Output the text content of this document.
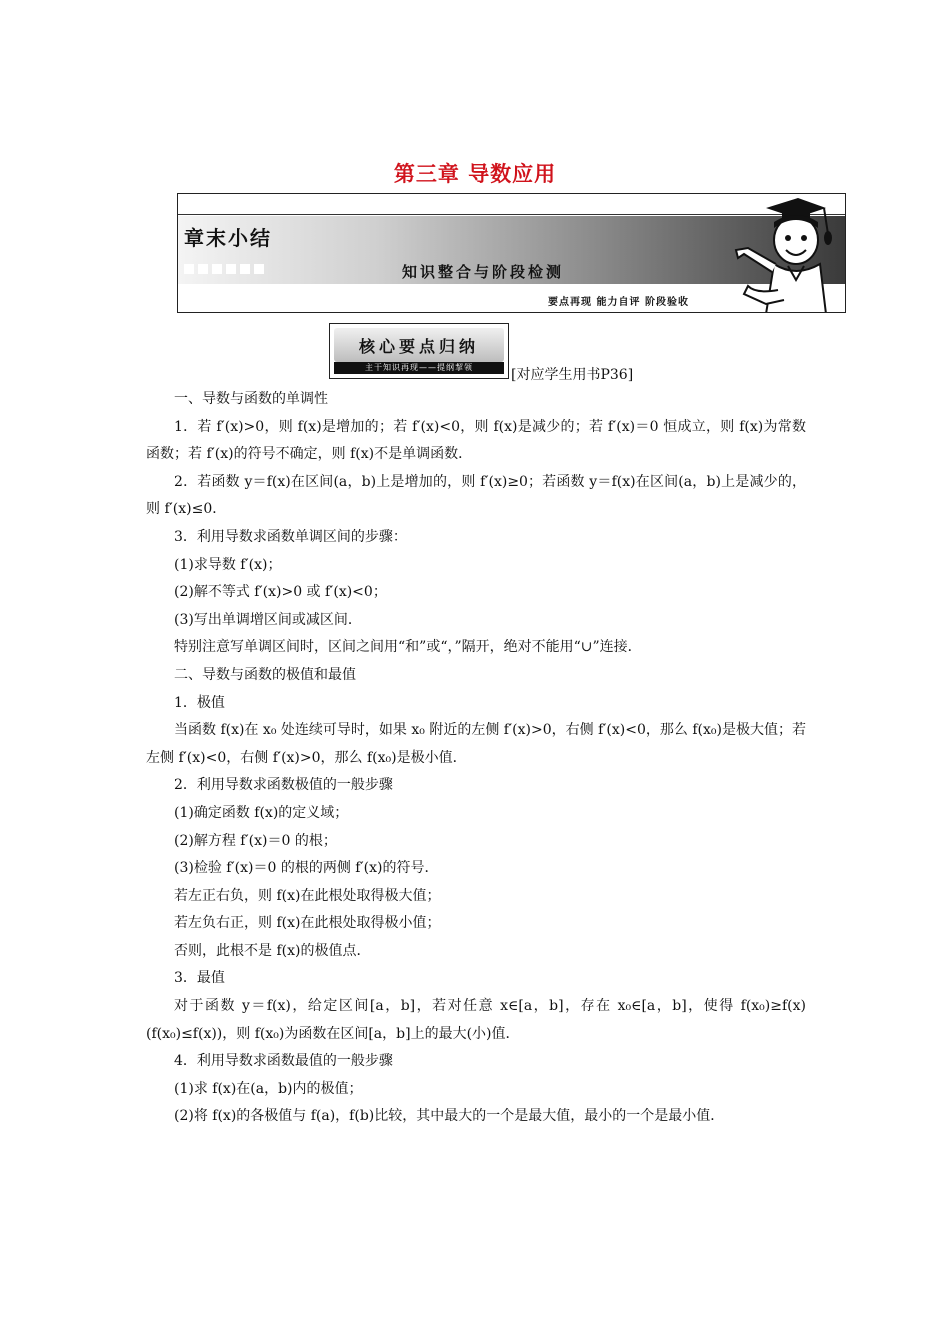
第三章 导数应用
章末小结
知识整合与阶段检测
要点再现 能力自评 阶段验收
核心要点归纳
主干知识再现——提纲挈领	[对应学生用书P36]

一、导数与函数的单调性

1．若 f′(x)>0，则 f(x)是增加的；若 f′(x)<0，则 f(x)是减少的；若 f′(x)＝0 恒成立，则 f(x)为常数函数；若 f′(x)的符号不确定，则 f(x)不是单调函数．

2．若函数 y＝f(x)在区间(a，b)上是增加的，则 f′(x)≥0；若函数 y＝f(x)在区间(a，b)上是减少的，则 f′(x)≤0．

3．利用导数求函数单调区间的步骤：

(1)求导数 f′(x)；

(2)解不等式 f′(x)>0 或 f′(x)<0；

(3)写出单调增区间或减区间．

特别注意写单调区间时，区间之间用“和”或“，”隔开，绝对不能用“∪”连接．

二、导数与函数的极值和最值

1．极值

当函数 f(x)在 x₀ 处连续可导时，如果 x₀ 附近的左侧 f′(x)>0，右侧 f′(x)<0，那么 f(x₀)是极大值；若左侧 f′(x)<0，右侧 f′(x)>0，那么 f(x₀)是极小值．

2．利用导数求函数极值的一般步骤

(1)确定函数 f(x)的定义域；

(2)解方程 f′(x)＝0 的根；

(3)检验 f′(x)＝0 的根的两侧 f′(x)的符号．

若左正右负，则 f(x)在此根处取得极大值；

若左负右正，则 f(x)在此根处取得极小值；

否则，此根不是 f(x)的极值点．

3．最值

对于函数 y＝f(x)，给定区间[a，b]，若对任意 x∈[a，b]，存在 x₀∈[a，b]，使得 f(x₀)≥f(x)(f(x₀)≤f(x))，则 f(x₀)为函数在区间[a，b]上的最大(小)值．

4．利用导数求函数最值的一般步骤

(1)求 f(x)在(a，b)内的极值；

(2)将 f(x)的各极值与 f(a)，f(b)比较，其中最大的一个是最大值，最小的一个是最小值．
